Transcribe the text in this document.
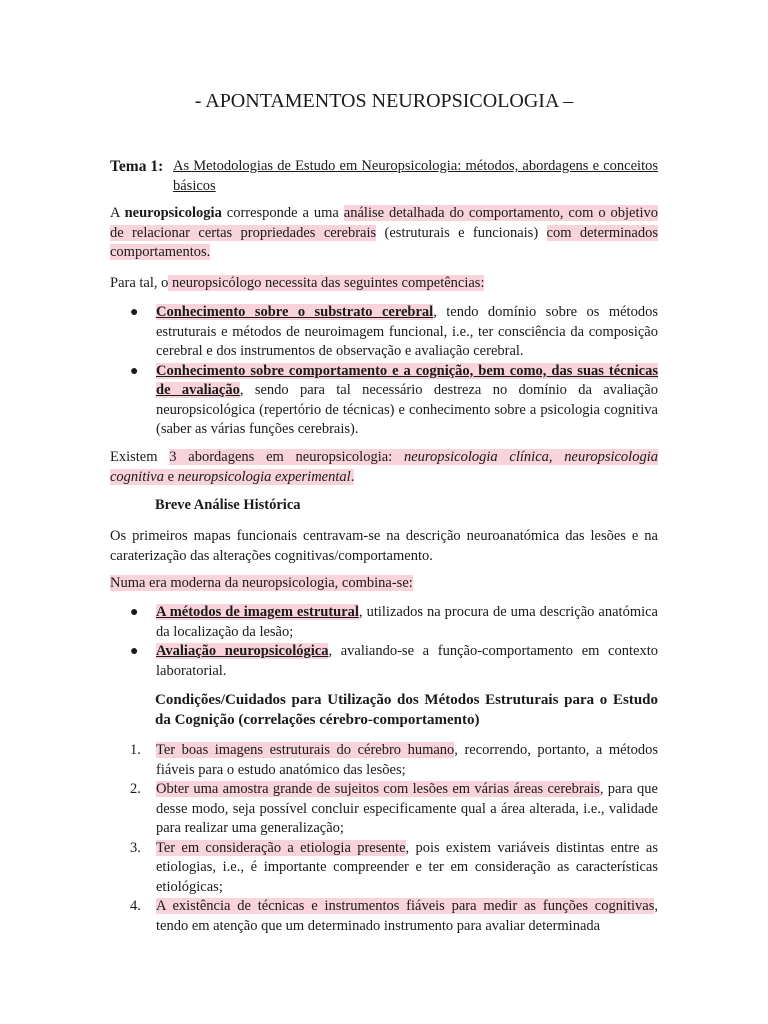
- APONTAMENTOS NEUROPSICOLOGIA –
Tema 1: As Metodologias de Estudo em Neuropsicologia: métodos, abordagens e conceitos básicos

A neuropsicologia corresponde a uma análise detalhada do comportamento, com o objetivo de relacionar certas propriedades cerebrais (estruturais e funcionais) com determinados comportamentos.

Para tal, o neuropsicólogo necessita das seguintes competências:

● Conhecimento sobre o substrato cerebral, tendo domínio sobre os métodos estruturais e métodos de neuroimagem funcional, i.e., ter consciência da composição cerebral e dos instrumentos de observação e avaliação cerebral.
● Conhecimento sobre comportamento e a cognição, bem como, das suas técnicas de avaliação, sendo para tal necessário destreza no domínio da avaliação neuropsicológica (repertório de técnicas) e conhecimento sobre a psicologia cognitiva (saber as várias funções cerebrais).

Existem 3 abordagens em neuropsicologia: neuropsicologia clínica, neuropsicologia cognitiva e neuropsicologia experimental.

Breve Análise Histórica

Os primeiros mapas funcionais centravam-se na descrição neuroanatómica das lesões e na caraterização das alterações cognitivas/comportamento.

Numa era moderna da neuropsicologia, combina-se:

● A métodos de imagem estrutural, utilizados na procura de uma descrição anatómica da localização da lesão;
● Avaliação neuropsicológica, avaliando-se a função-comportamento em contexto laboratorial.
Condições/Cuidados para Utilização dos Métodos Estruturais para o Estudo da Cognição (correlações cérebro-comportamento)
1. Ter boas imagens estruturais do cérebro humano, recorrendo, portanto, a métodos fiáveis para o estudo anatómico das lesões;
2. Obter uma amostra grande de sujeitos com lesões em várias áreas cerebrais, para que desse modo, seja possível concluir especificamente qual a área alterada, i.e., validade para realizar uma generalização;
3. Ter em consideração a etiologia presente, pois existem variáveis distintas entre as etiologias, i.e., é importante compreender e ter em consideração as características etiológicas;
4. A existência de técnicas e instrumentos fiáveis para medir as funções cognitivas, tendo em atenção que um determinado instrumento para avaliar determinada
